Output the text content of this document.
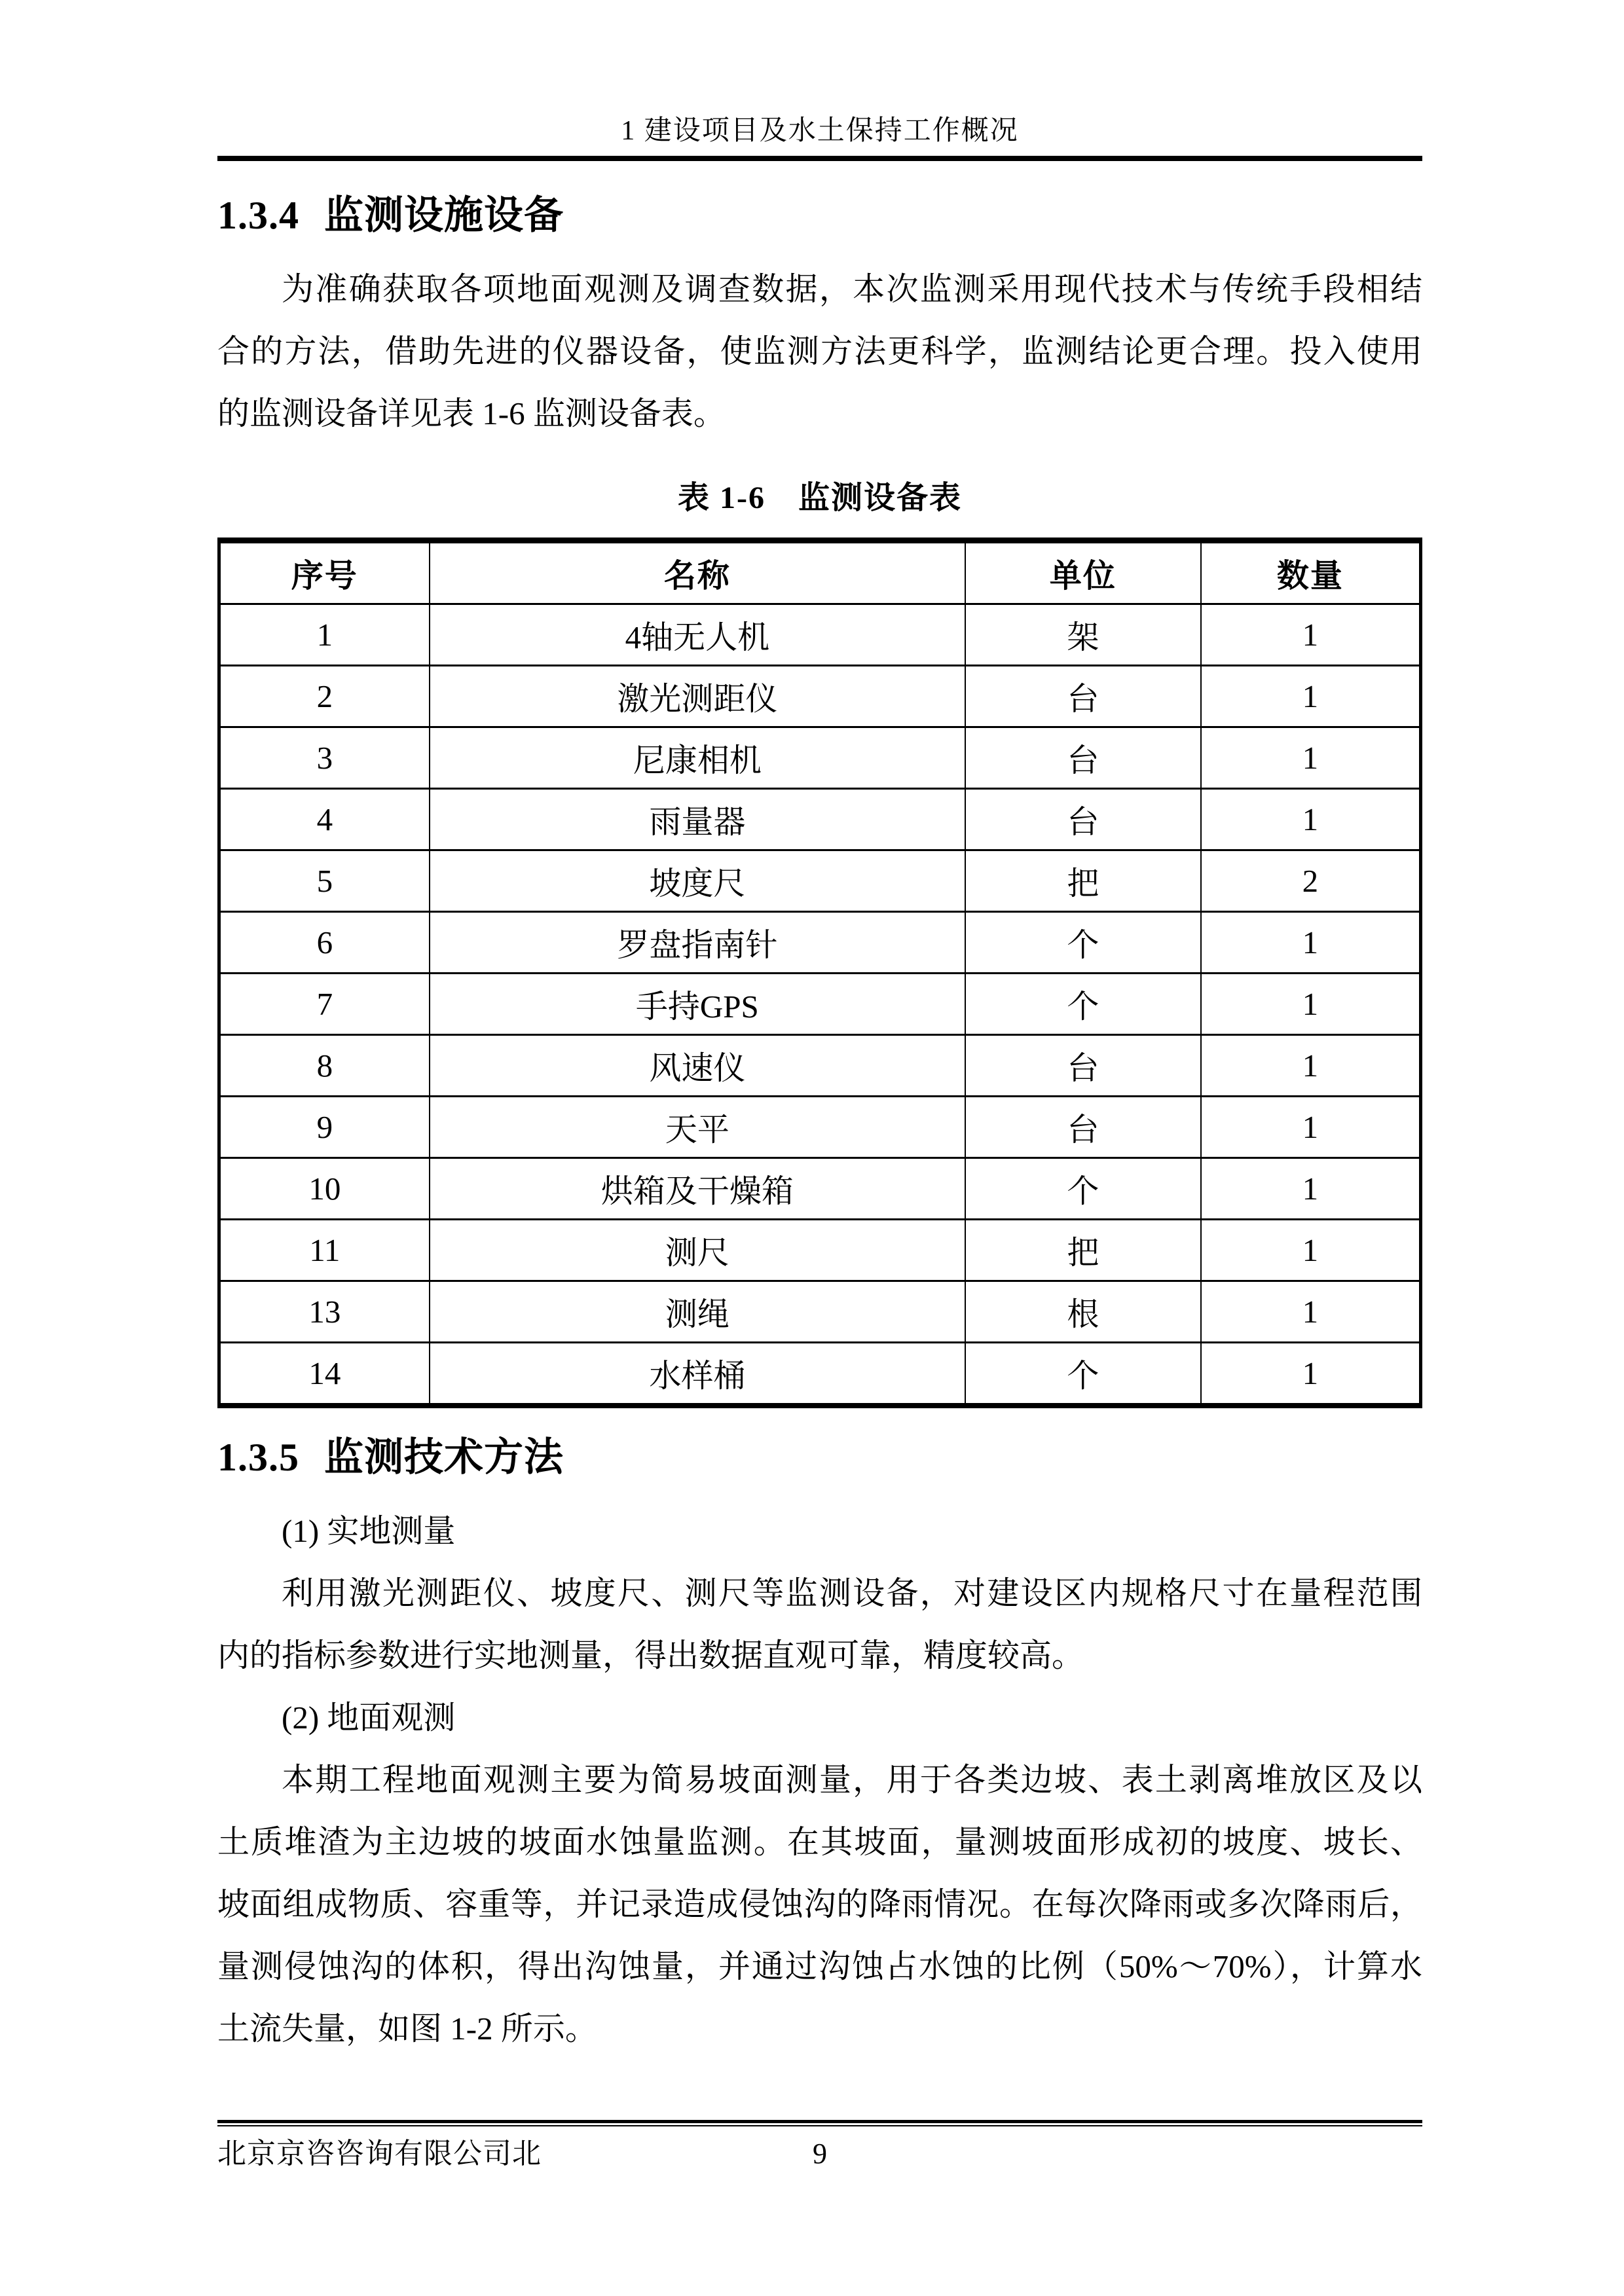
1 建设项目及水土保持工作概况
1.3.4 监测设施设备
为准确获取各项地面观测及调查数据，本次监测采用现代技术与传统手段相结
合的方法，借助先进的仪器设备，使监测方法更科学，监测结论更合理。投入使用
的监测设备详见表 1-6 监测设备表。
表 1-6　监测设备表
序号	名称	单位	数量
1	4轴无人机	架	1
2	激光测距仪	台	1
3	尼康相机	台	1
4	雨量器	台	1
5	坡度尺	把	2
6	罗盘指南针	个	1
7	手持GPS	个	1
8	风速仪	台	1
9	天平	台	1
10	烘箱及干燥箱	个	1
11	测尺	把	1
13	测绳	根	1
14	水样桶	个	1
1.3.5 监测技术方法
(1) 实地测量
利用激光测距仪、坡度尺、测尺等监测设备，对建设区内规格尺寸在量程范围
内的指标参数进行实地测量，得出数据直观可靠，精度较高。
(2) 地面观测
本期工程地面观测主要为简易坡面测量，用于各类边坡、表土剥离堆放区及以
土质堆渣为主边坡的坡面水蚀量监测。在其坡面，量测坡面形成初的坡度、坡长、
坡面组成物质、容重等，并记录造成侵蚀沟的降雨情况。在每次降雨或多次降雨后，
量测侵蚀沟的体积，得出沟蚀量，并通过沟蚀占水蚀的比例（50%～70%），计算水
土流失量，如图 1-2 所示。
北京京咨咨询有限公司北	9
